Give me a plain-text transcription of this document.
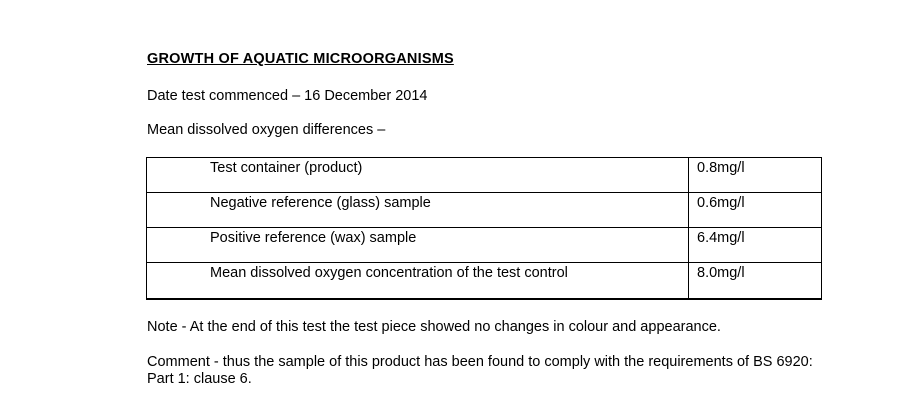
GROWTH OF AQUATIC MICROORGANISMS
Date test commenced – 16 December 2014
Mean dissolved oxygen differences –
Test container (product)	0.8mg/l
Negative reference (glass) sample	0.6mg/l
Positive reference (wax) sample	6.4mg/l
Mean dissolved oxygen concentration of the test control	8.0mg/l
Note - At the end of this test the test piece showed no changes in colour and appearance.
Comment - thus the sample of this product has been found to comply with the requirements of BS 6920: Part 1: clause 6.
